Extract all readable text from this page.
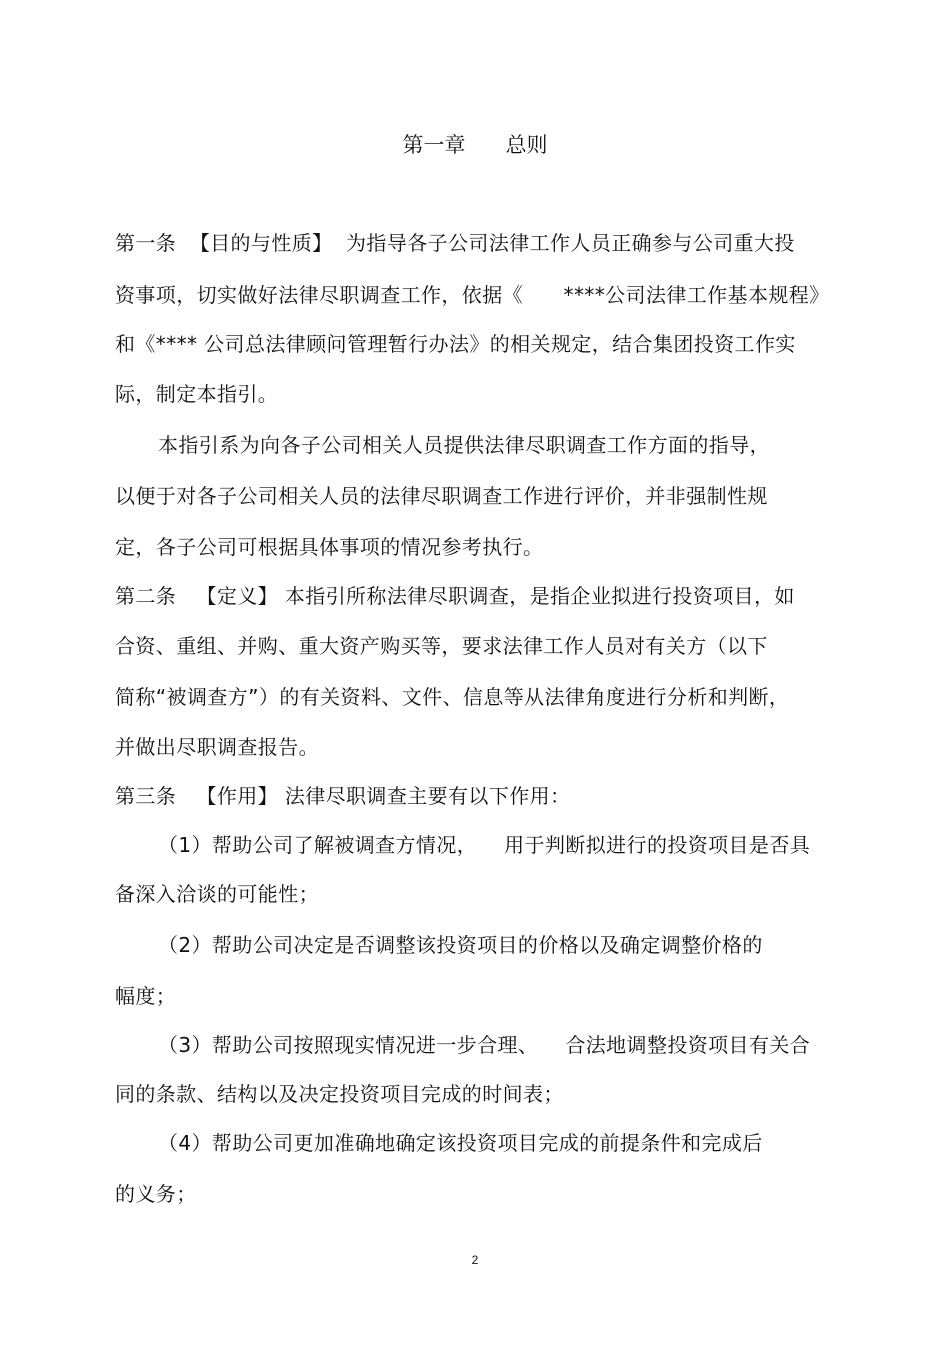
第一章      总则
第一条  【目的与性质】  为指导各子公司法律工作人员正确参与公司重大投
资事项，切实做好法律尽职调查工作，依据《      ****公司法律工作基本规程》
和《**** 公司总法律顾问管理暂行办法》的相关规定，结合集团投资工作实
际，制定本指引。
本指引系为向各子公司相关人员提供法律尽职调查工作方面的指导，
以便于对各子公司相关人员的法律尽职调查工作进行评价，并非强制性规
定，各子公司可根据具体事项的情况参考执行。
第二条   【定义】 本指引所称法律尽职调查，是指企业拟进行投资项目，如
合资、重组、并购、重大资产购买等，要求法律工作人员对有关方（以下
简称“被调查方”）的有关资料、文件、信息等从法律角度进行分析和判断，
并做出尽职调查报告。
第三条   【作用】 法律尽职调查主要有以下作用：
（1）帮助公司了解被调查方情况，    用于判断拟进行的投资项目是否具
备深入洽谈的可能性；
（2）帮助公司决定是否调整该投资项目的价格以及确定调整价格的
幅度；
（3）帮助公司按照现实情况进一步合理、    合法地调整投资项目有关合
同的条款、结构以及决定投资项目完成的时间表；
（4）帮助公司更加准确地确定该投资项目完成的前提条件和完成后
的义务；
2
